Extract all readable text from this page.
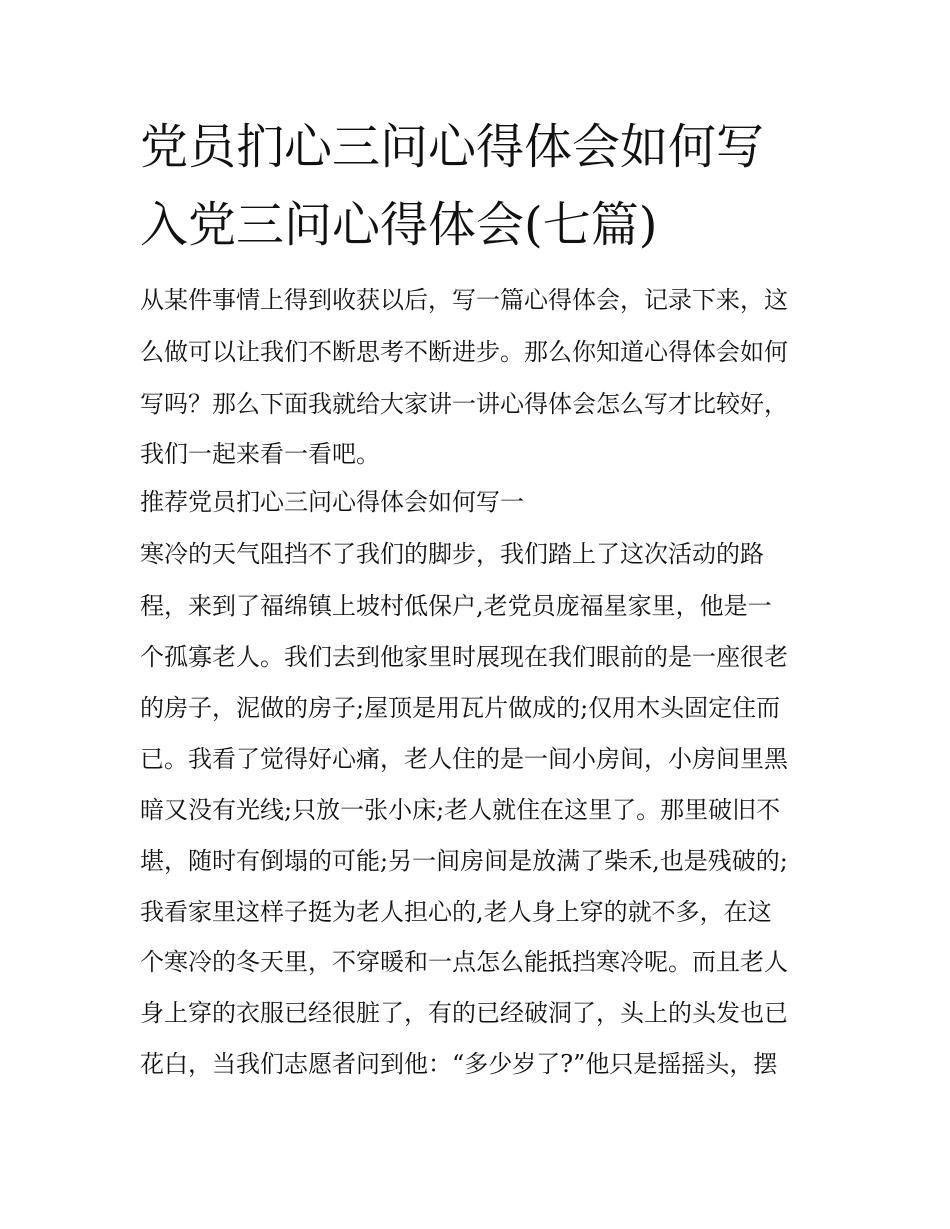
党员扪心三问心得体会如何写
入党三问心得体会(七篇)
从某件事情上得到收获以后，写一篇心得体会，记录下来，这
么做可以让我们不断思考不断进步。那么你知道心得体会如何
写吗？那么下面我就给大家讲一讲心得体会怎么写才比较好，
我们一起来看一看吧。
推荐党员扪心三问心得体会如何写一
寒冷的天气阻挡不了我们的脚步，我们踏上了这次活动的路
程，来到了福绵镇上坡村低保户,老党员庞福星家里，他是一
个孤寡老人。我们去到他家里时展现在我们眼前的是一座很老
的房子，泥做的房子;屋顶是用瓦片做成的;仅用木头固定住而
已。我看了觉得好心痛，老人住的是一间小房间，小房间里黑
暗又没有光线;只放一张小床;老人就住在这里了。那里破旧不
堪，随时有倒塌的可能;另一间房间是放满了柴禾,也是残破的;
我看家里这样子挺为老人担心的,老人身上穿的就不多，在这
个寒冷的冬天里，不穿暖和一点怎么能抵挡寒冷呢。而且老人
身上穿的衣服已经很脏了，有的已经破洞了，头上的头发也已
花白，当我们志愿者问到他：“多少岁了?”他只是摇摇头，摆
